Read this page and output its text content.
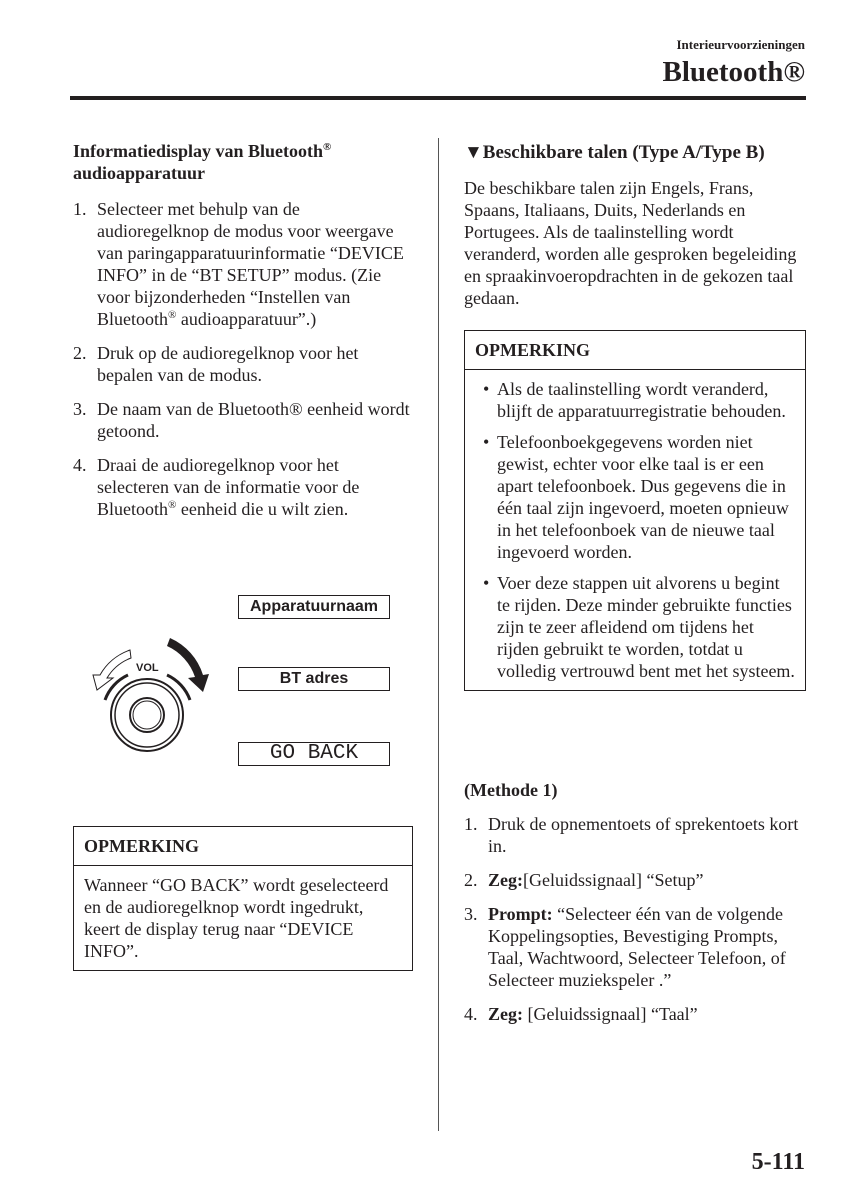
Interieurvoorzieningen
Bluetooth®
Informatiedisplay van Bluetooth®
audioapparatuur
1. Selecteer met behulp van de audioregelknop de modus voor weergave van paringapparatuurinformatie “DEVICE INFO” in de “BT SETUP” modus. (Zie voor bijzonderheden “Instellen van Bluetooth® audioapparatuur”.)
2. Druk op de audioregelknop voor het bepalen van de modus.
3. De naam van de Bluetooth® eenheid wordt getoond.
4. Draai de audioregelknop voor het selecteren van de informatie voor de Bluetooth® eenheid die u wilt zien.
VOL
Apparatuurnaam
BT adres
GO BACK
OPMERKING
Wanneer “GO BACK” wordt geselecteerd en de audioregelknop wordt ingedrukt, keert de display terug naar “DEVICE INFO”.
▼Beschikbare talen (Type A/Type B)
De beschikbare talen zijn Engels, Frans, Spaans, Italiaans, Duits, Nederlands en Portugees. Als de taalinstelling wordt veranderd, worden alle gesproken begeleiding en spraakinvoeropdrachten in de gekozen taal gedaan.
OPMERKING
• Als de taalinstelling wordt veranderd, blijft de apparatuurregistratie behouden.
• Telefoonboekgegevens worden niet gewist, echter voor elke taal is er een apart telefoonboek. Dus gegevens die in één taal zijn ingevoerd, moeten opnieuw in het telefoonboek van de nieuwe taal ingevoerd worden.
• Voer deze stappen uit alvorens u begint te rijden. Deze minder gebruikte functies zijn te zeer afleidend om tijdens het rijden gebruikt te worden, totdat u volledig vertrouwd bent met het systeem.
(Methode 1)
1. Druk de opnementoets of sprekentoets kort in.
2. Zeg:[Geluidssignaal] “Setup”
3. Prompt: “Selecteer één van de volgende Koppelingsopties, Bevestiging Prompts, Taal, Wachtwoord, Selecteer Telefoon, of Selecteer muziekspeler .”
4. Zeg: [Geluidssignaal] “Taal”
5-111
